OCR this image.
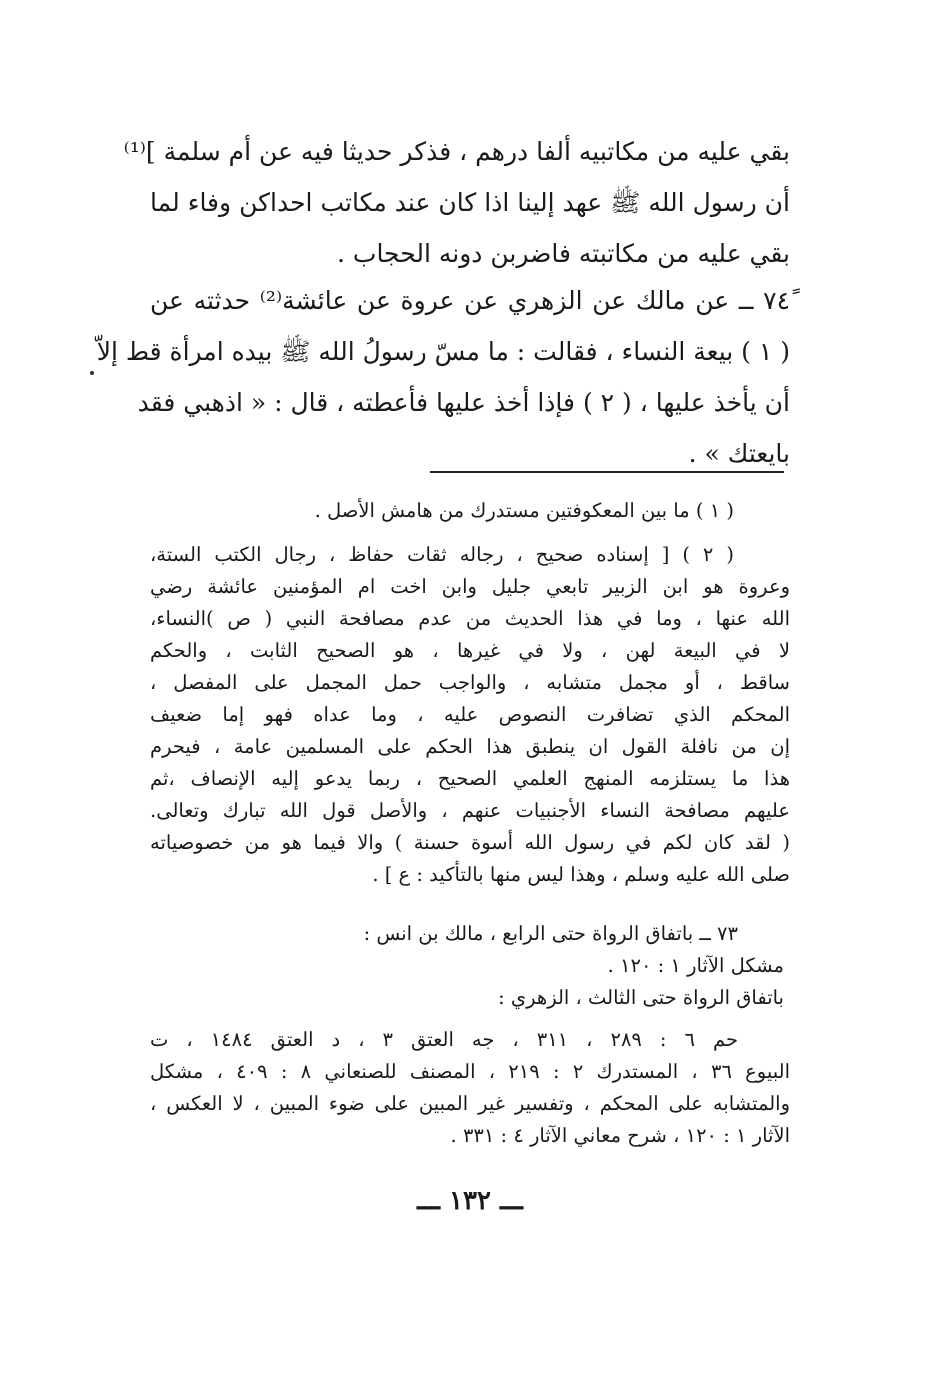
بقي عليه من مكاتبيه ألفا درهم ، فذكر حديثا فيه عن أم سلمة ]⁽¹⁾
أن رسول الله ﷺ عهد إلينا اذا كان عند مكاتب احداكن وفاء لما
بقي عليه من مكاتبته فاضربن دونه الحجاب .
٧٤ً ــ عن مالك عن الزهري عن عروة عن عائشة⁽²⁾ حدثته عن
( ١ ) بيعة النساء ، فقالت : ما مسّ رسولُ الله ﷺ بيده امرأة قط إلاّ
أن يأخذ عليها ، ( ٢ ) فإذا أخذ عليها فأعطته ، قال : « اذهبي فقد
بايعتك » .
( ١ ) ما بين المعكوفتين مستدرك من هامش الأصل .
( ٢ ) [ إسناده صحيح ، رجاله ثقات حفاظ ، رجال الكتب الستة،
وعروة هو ابن الزبير تابعي جليل وابن اخت ام المؤمنين عائشة رضي
الله عنها ، وما في هذا الحديث من عدم مصافحة النبي ( ص )النساء،
لا في البيعة لهن ، ولا في غيرها ، هو الصحيح الثابت ، والحكم
ساقط ، أو مجمل متشابه ، والواجب حمل المجمل على المفصل ،
المحكم الذي تضافرت النصوص عليه ، وما عداه فهو إما ضعيف
إن من نافلة القول ان ينطبق هذا الحكم على المسلمين عامة ، فيحرم
هذا ما يستلزمه المنهج العلمي الصحيح ، ربما يدعو إليه الإنصاف ،ثم
عليهم مصافحة النساء الأجنبيات عنهم ، والأصل قول الله تبارك وتعالى.
( لقد كان لكم في رسول الله أسوة حسنة ) والا فيما هو من خصوصياته
صلى الله عليه وسلم ، وهذا ليس منها بالتأكيد : ع ] .
٧٣ ــ باتفاق الرواة حتى الرابع ، مالك بن انس :
مشكل الآثار ١ : ١٢٠ .
باتفاق الرواة حتى الثالث ، الزهري :
حم ٦ : ٢٨٩ ، ٣١١ ، جه العتق ٣ ، د العتق ١٤٨٤ ، ت
البيوع ٣٦ ، المستدرك ٢ : ٢١٩ ، المصنف للصنعاني ٨ : ٤٠٩ ، مشكل
والمتشابه على المحكم ، وتفسير غير المبين على ضوء المبين ، لا العكس ،
الآثار ١ : ١٢٠ ، شرح معاني الآثار ٤ : ٣٣١ .
ـــ ١٣٢ ـــ
